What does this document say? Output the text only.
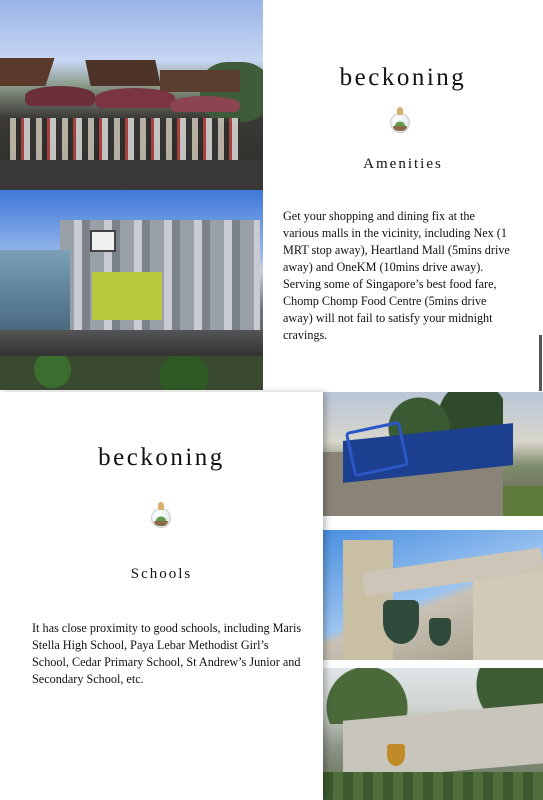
beckoning
Amenities
Get your shopping and dining fix at the various malls in the vicinity, including Nex (1 MRT stop away), Heartland Mall (5mins drive away) and OneKM (10mins drive away). Serving some of Singapore’s best food fare, Chomp Chomp Food Centre (5mins drive away) will not fail to satisfy your midnight cravings.
beckoning
Schools
It has close proximity to good schools, including Maris Stella High School, Paya Lebar Methodist Girl’s School, Cedar Primary School, St Andrew’s Junior and Secondary School, etc.
